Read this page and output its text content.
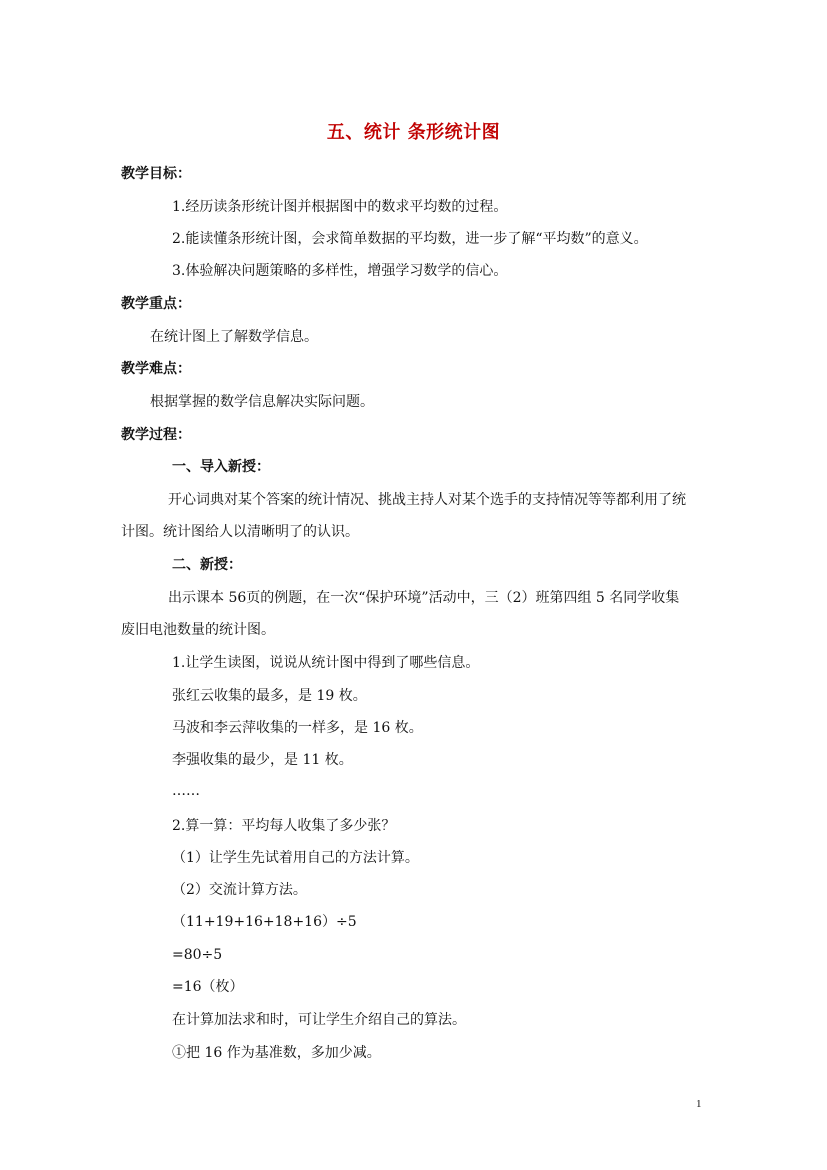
五、统计 条形统计图
教学目标：
1.经历读条形统计图并根据图中的数求平均数的过程。
2.能读懂条形统计图，会求简单数据的平均数，进一步了解“平均数”的意义。
3.体验解决问题策略的多样性，增强学习数学的信心。
教学重点：
在统计图上了解数学信息。
教学难点：
根据掌握的数学信息解决实际问题。
教学过程：
一、导入新授：
开心词典对某个答案的统计情况、挑战主持人对某个选手的支持情况等等都利用了统
计图。统计图给人以清晰明了的认识。
二、新授：
出示课本 56页的例题，在一次“保护环境”活动中，三（2）班第四组 5 名同学收集
废旧电池数量的统计图。
1.让学生读图，说说从统计图中得到了哪些信息。
张红云收集的最多，是 19 枚。
马波和李云萍收集的一样多，是 16 枚。
李强收集的最少，是 11 枚。
……
2.算一算：平均每人收集了多少张？
（1）让学生先试着用自己的方法计算。
（2）交流计算方法。
（11+19+16+18+16）÷5
=80÷5
=16（枚）
在计算加法求和时，可让学生介绍自己的算法。
①把 16 作为基准数，多加少减。
1
